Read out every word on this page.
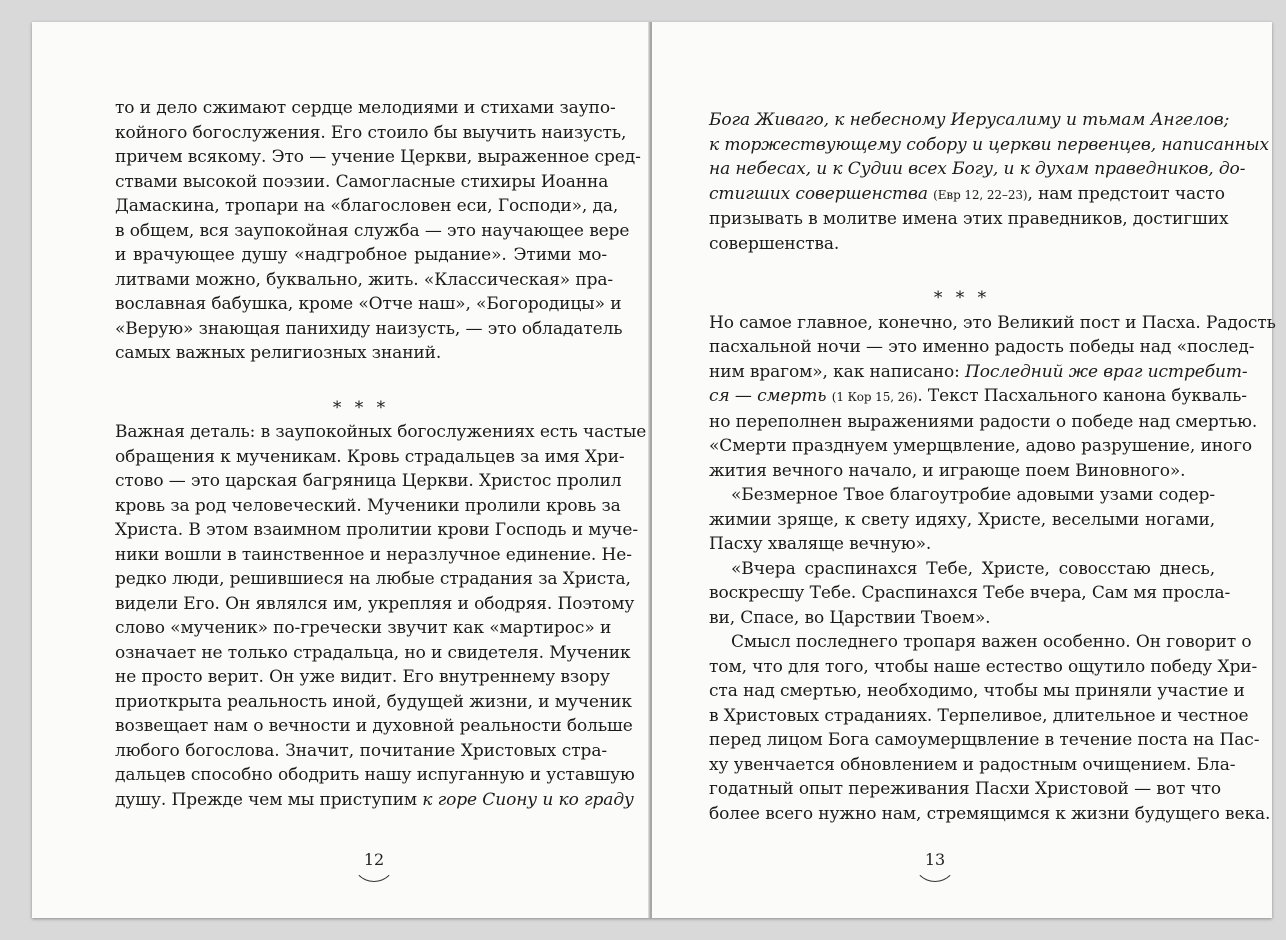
то и дело сжимают сердце мелодиями и стихами заупо-
койного богослужения. Его стоило бы выучить наизусть,
причем всякому. Это — учение Церкви, выраженное сред-
ствами высокой поэзии. Самогласные стихиры Иоанна
Дамаскина, тропари на «благословен еси, Господи», да,
в общем, вся заупокойная служба — это научающее вере
и врачующее душу «надгробное рыдание». Этими мо-
литвами можно, буквально, жить. «Классическая» пра-
вославная бабушка, кроме «Отче наш», «Богородицы» и
«Верую» знающая панихиду наизусть, — это обладатель
самых важных религиозных знаний.
* * *
Важная деталь: в заупокойных богослужениях есть частые
обращения к мученикам. Кровь страдальцев за имя Хри-
стово — это царская багряница Церкви. Христос пролил
кровь за род человеческий. Мученики пролили кровь за
Христа. В этом взаимном пролитии крови Господь и муче-
ники вошли в таинственное и неразлучное единение. Не-
редко люди, решившиеся на любые страдания за Христа,
видели Его. Он являлся им, укрепляя и ободряя. Поэтому
слово «мученик» по-гречески звучит как «мартирос» и
означает не только страдальца, но и свидетеля. Мученик
не просто верит. Он уже видит. Его внутреннему взору
приоткрыта реальность иной, будущей жизни, и мученик
возвещает нам о вечности и духовной реальности больше
любого богослова. Значит, почитание Христовых стра-
дальцев способно ободрить нашу испуганную и уставшую
душу. Прежде чем мы приступим к горе Сиону и ко граду
12
Бога Живаго, к небесному Иерусалиму и тьмам Ангелов;
к торжествующему собору и церкви первенцев, написанных
на небесах, и к Судии всех Богу, и к духам праведников, до-
стигших совершенства (Евр 12, 22–23), нам предстоит часто
призывать в молитве имена этих праведников, достигших
совершенства.
* * *
Но самое главное, конечно, это Великий пост и Пасха. Радость
пасхальной ночи — это именно радость победы над «послед-
ним врагом», как написано: Последний же враг истребит-
ся — смерть (1 Кор 15, 26). Текст Пасхального канона букваль-
но переполнен выражениями радости о победе над смертью.
«Смерти празднуем умерщвление, адово разрушение, иного
жития вечного начало, и играюще поем Виновного».
«Безмерное Твое благоутробие адовыми узами содер-
жимии зряще, к свету идяху, Христе, веселыми ногами,
Пасху хваляще вечную».
«Вчера сраспинахся Тебе, Христе, совосстаю днесь,
воскресшу Тебе. Сраспинахся Тебе вчера, Сам мя просла-
ви, Спасе, во Царствии Твоем».
Смысл последнего тропаря важен особенно. Он говорит о
том, что для того, чтобы наше естество ощутило победу Хри-
ста над смертью, необходимо, чтобы мы приняли участие и
в Христовых страданиях. Терпеливое, длительное и честное
перед лицом Бога самоумерщвление в течение поста на Пас-
ху увенчается обновлением и радостным очищением. Бла-
годатный опыт переживания Пасхи Христовой — вот что
более всего нужно нам, стремящимся к жизни будущего века.
13
